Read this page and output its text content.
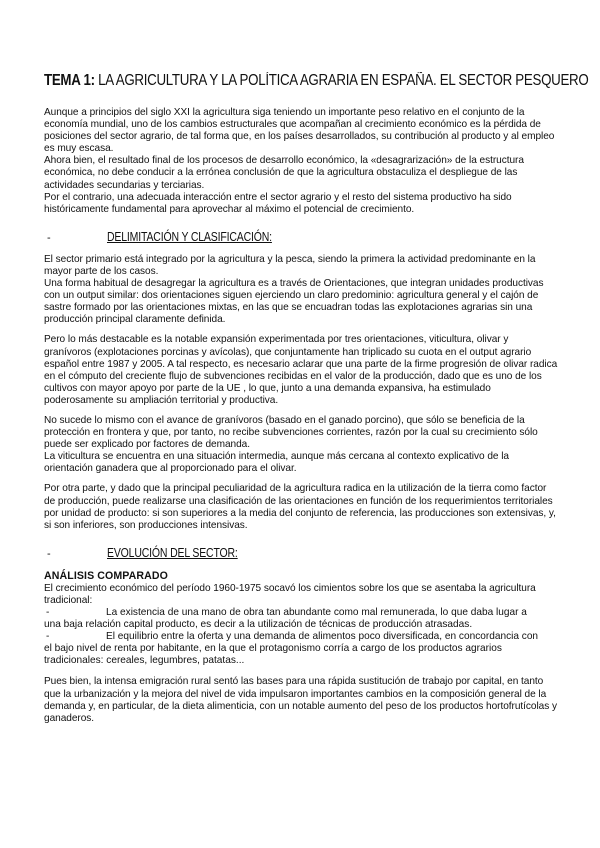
TEMA 1: LA AGRICULTURA Y LA POLÍTICA AGRARIA EN ESPAÑA. EL SECTOR PESQUERO

Aunque a principios del siglo XXI la agricultura siga teniendo un importante peso relativo en el conjunto de la economía mundial, uno de los cambios estructurales que acompañan al crecimiento económico es la pérdida de posiciones del sector agrario, de tal forma que, en los países desarrollados, su contribución al producto y al empleo es muy escasa.

Ahora bien, el resultado final de los procesos de desarrollo económico, la «desagrarización» de la estructura económica, no debe conducir a la errónea conclusión de que la agricultura obstaculiza el despliegue de las actividades secundarias y terciarias.

Por el contrario, una adecuada interacción entre el sector agrario y el resto del sistema productivo ha sido históricamente fundamental para aprovechar al máximo el potencial de crecimiento.

-	DELIMITACIÓN Y CLASIFICACIÓN:

El sector primario está integrado por la agricultura y la pesca, siendo la primera la actividad predominante en la mayor parte de los casos.

Una forma habitual de desagregar la agricultura es a través de Orientaciones, que integran unidades productivas con un output similar: dos orientaciones siguen ejerciendo un claro predominio: agricultura general y el cajón de sastre formado por las orientaciones mixtas, en las que se encuadran todas las explotaciones agrarias sin una producción principal claramente definida.

Pero lo más destacable es la notable expansión experimentada por tres orientaciones, viticultura, olivar y granívoros (explotaciones porcinas y avícolas), que conjuntamente han triplicado su cuota en el output agrario español entre 1987 y 2005. A tal respecto, es necesario aclarar que una parte de la firme progresión de olivar radica en el cómputo del creciente flujo de subvenciones recibidas en el valor de la producción, dado que es uno de los cultivos con mayor apoyo por parte de la UE , lo que, junto a una demanda expansiva, ha estimulado poderosamente su ampliación territorial y productiva.

No sucede lo mismo con el avance de granívoros (basado en el ganado porcino), que sólo se beneficia de la protección en frontera y que, por tanto, no recibe subvenciones corrientes, razón por la cual su crecimiento sólo puede ser explicado por factores de demanda.

La viticultura se encuentra en una situación intermedia, aunque más cercana al contexto explicativo de la orientación ganadera que al proporcionado para el olivar.

Por otra parte, y dado que la principal peculiaridad de la agricultura radica en la utilización de la tierra como factor de producción, puede realizarse una clasificación de las orientaciones en función de los requerimientos territoriales por unidad de producto: si son superiores a la media del conjunto de referencia, las producciones son extensivas, y, si son inferiores, son producciones intensivas.

-	EVOLUCIÓN DEL SECTOR:
ANÁLISIS COMPARADO

El crecimiento económico del período 1960-1975 socavó los cimientos sobre los que se asentaba la agricultura tradicional:

-	La existencia de una mano de obra tan abundante como mal remunerada, lo que daba lugar a
una baja relación capital producto, es decir a la utilización de técnicas de producción atrasadas.
-	El equilibrio entre la oferta y una demanda de alimentos poco diversificada, en concordancia con
el bajo nivel de renta por habitante, en la que el protagonismo corría a cargo de los productos agrarios tradicionales: cereales, legumbres, patatas...

Pues bien, la intensa emigración rural sentó las bases para una rápida sustitución de trabajo por capital, en tanto que la urbanización y la mejora del nivel de vida impulsaron importantes cambios en la composición general de la demanda y, en particular, de la dieta alimenticia, con un notable aumento del peso de los productos hortofrutícolas y ganaderos.
